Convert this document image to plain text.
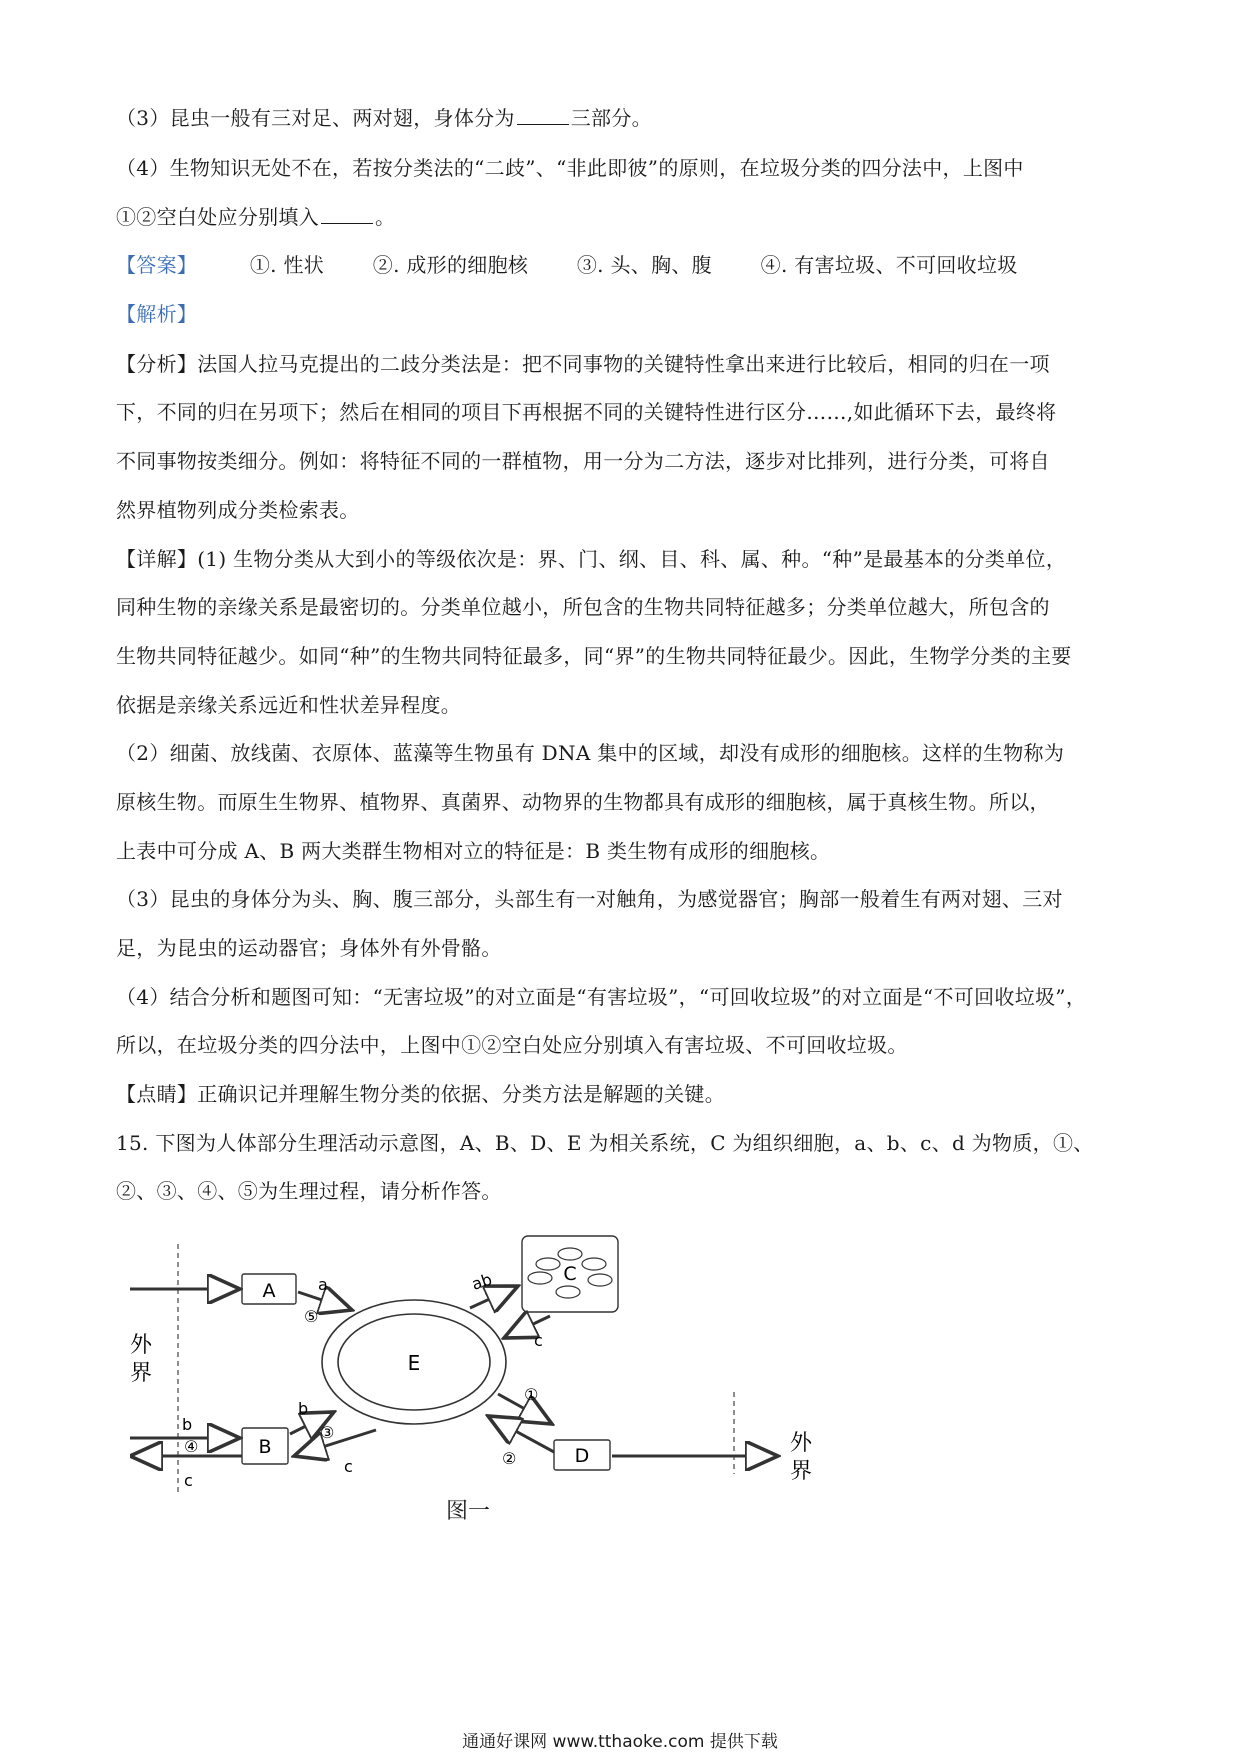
（3）昆虫一般有三对足、两对翅，身体分为	三部分。

（4）生物知识无处不在，若按分类法的“二歧”、“非此即彼”的原则，在垃圾分类的四分法中，上图中

①②空白处应分别填入	。

【答案】	①. 性状 ②. 成形的细胞核 ③. 头、胸、腹 ④. 有害垃圾、不可回收垃圾

【解析】

【分析】法国人拉马克提出的二歧分类法是：把不同事物的关键特性拿出来进行比较后，相同的归在一项

下，不同的归在另项下；然后在相同的项目下再根据不同的关键特性进行区分……,如此循环下去，最终将

不同事物按类细分。例如：将特征不同的一群植物，用一分为二方法，逐步对比排列，进行分类，可将自

然界植物列成分类检索表。

【详解】(1) 生物分类从大到小的等级依次是：界、门、纲、目、科、属、种。“种”是最基本的分类单位，

同种生物的亲缘关系是最密切的。分类单位越小，所包含的生物共同特征越多；分类单位越大，所包含的

生物共同特征越少。如同“种”的生物共同特征最多，同“界”的生物共同特征最少。因此，生物学分类的主要

依据是亲缘关系远近和性状差异程度。

（2）细菌、放线菌、衣原体、蓝藻等生物虽有 DNA 集中的区域，却没有成形的细胞核。这样的生物称为

原核生物。而原生生物界、植物界、真菌界、动物界的生物都具有成形的细胞核，属于真核生物。所以，

上表中可分成 A、B 两大类群生物相对立的特征是：B 类生物有成形的细胞核。

（3）昆虫的身体分为头、胸、腹三部分，头部生有一对触角，为感觉器官；胸部一般着生有两对翅、三对

足，为昆虫的运动器官；身体外有外骨骼。

（4）结合分析和题图可知：“无害垃圾”的对立面是“有害垃圾”，“可回收垃圾”的对立面是“不可回收垃圾”，

所以，在垃圾分类的四分法中，上图中①②空白处应分别填入有害垃圾、不可回收垃圾。

【点睛】正确识记并理解生物分类的依据、分类方法是解题的关键。

15. 下图为人体部分生理活动示意图，A、B、D、E 为相关系统，C 为组织细胞，a、b、c、d 为物质，①、

②、③、④、⑤为生理过程，请分析作答。

外
界
外
界
A
B	D
C
E
a
⑤
ab
c
①
②
b
④
c
b
③
c
图一
通通好课网 www.tthaoke.com 提供下载
